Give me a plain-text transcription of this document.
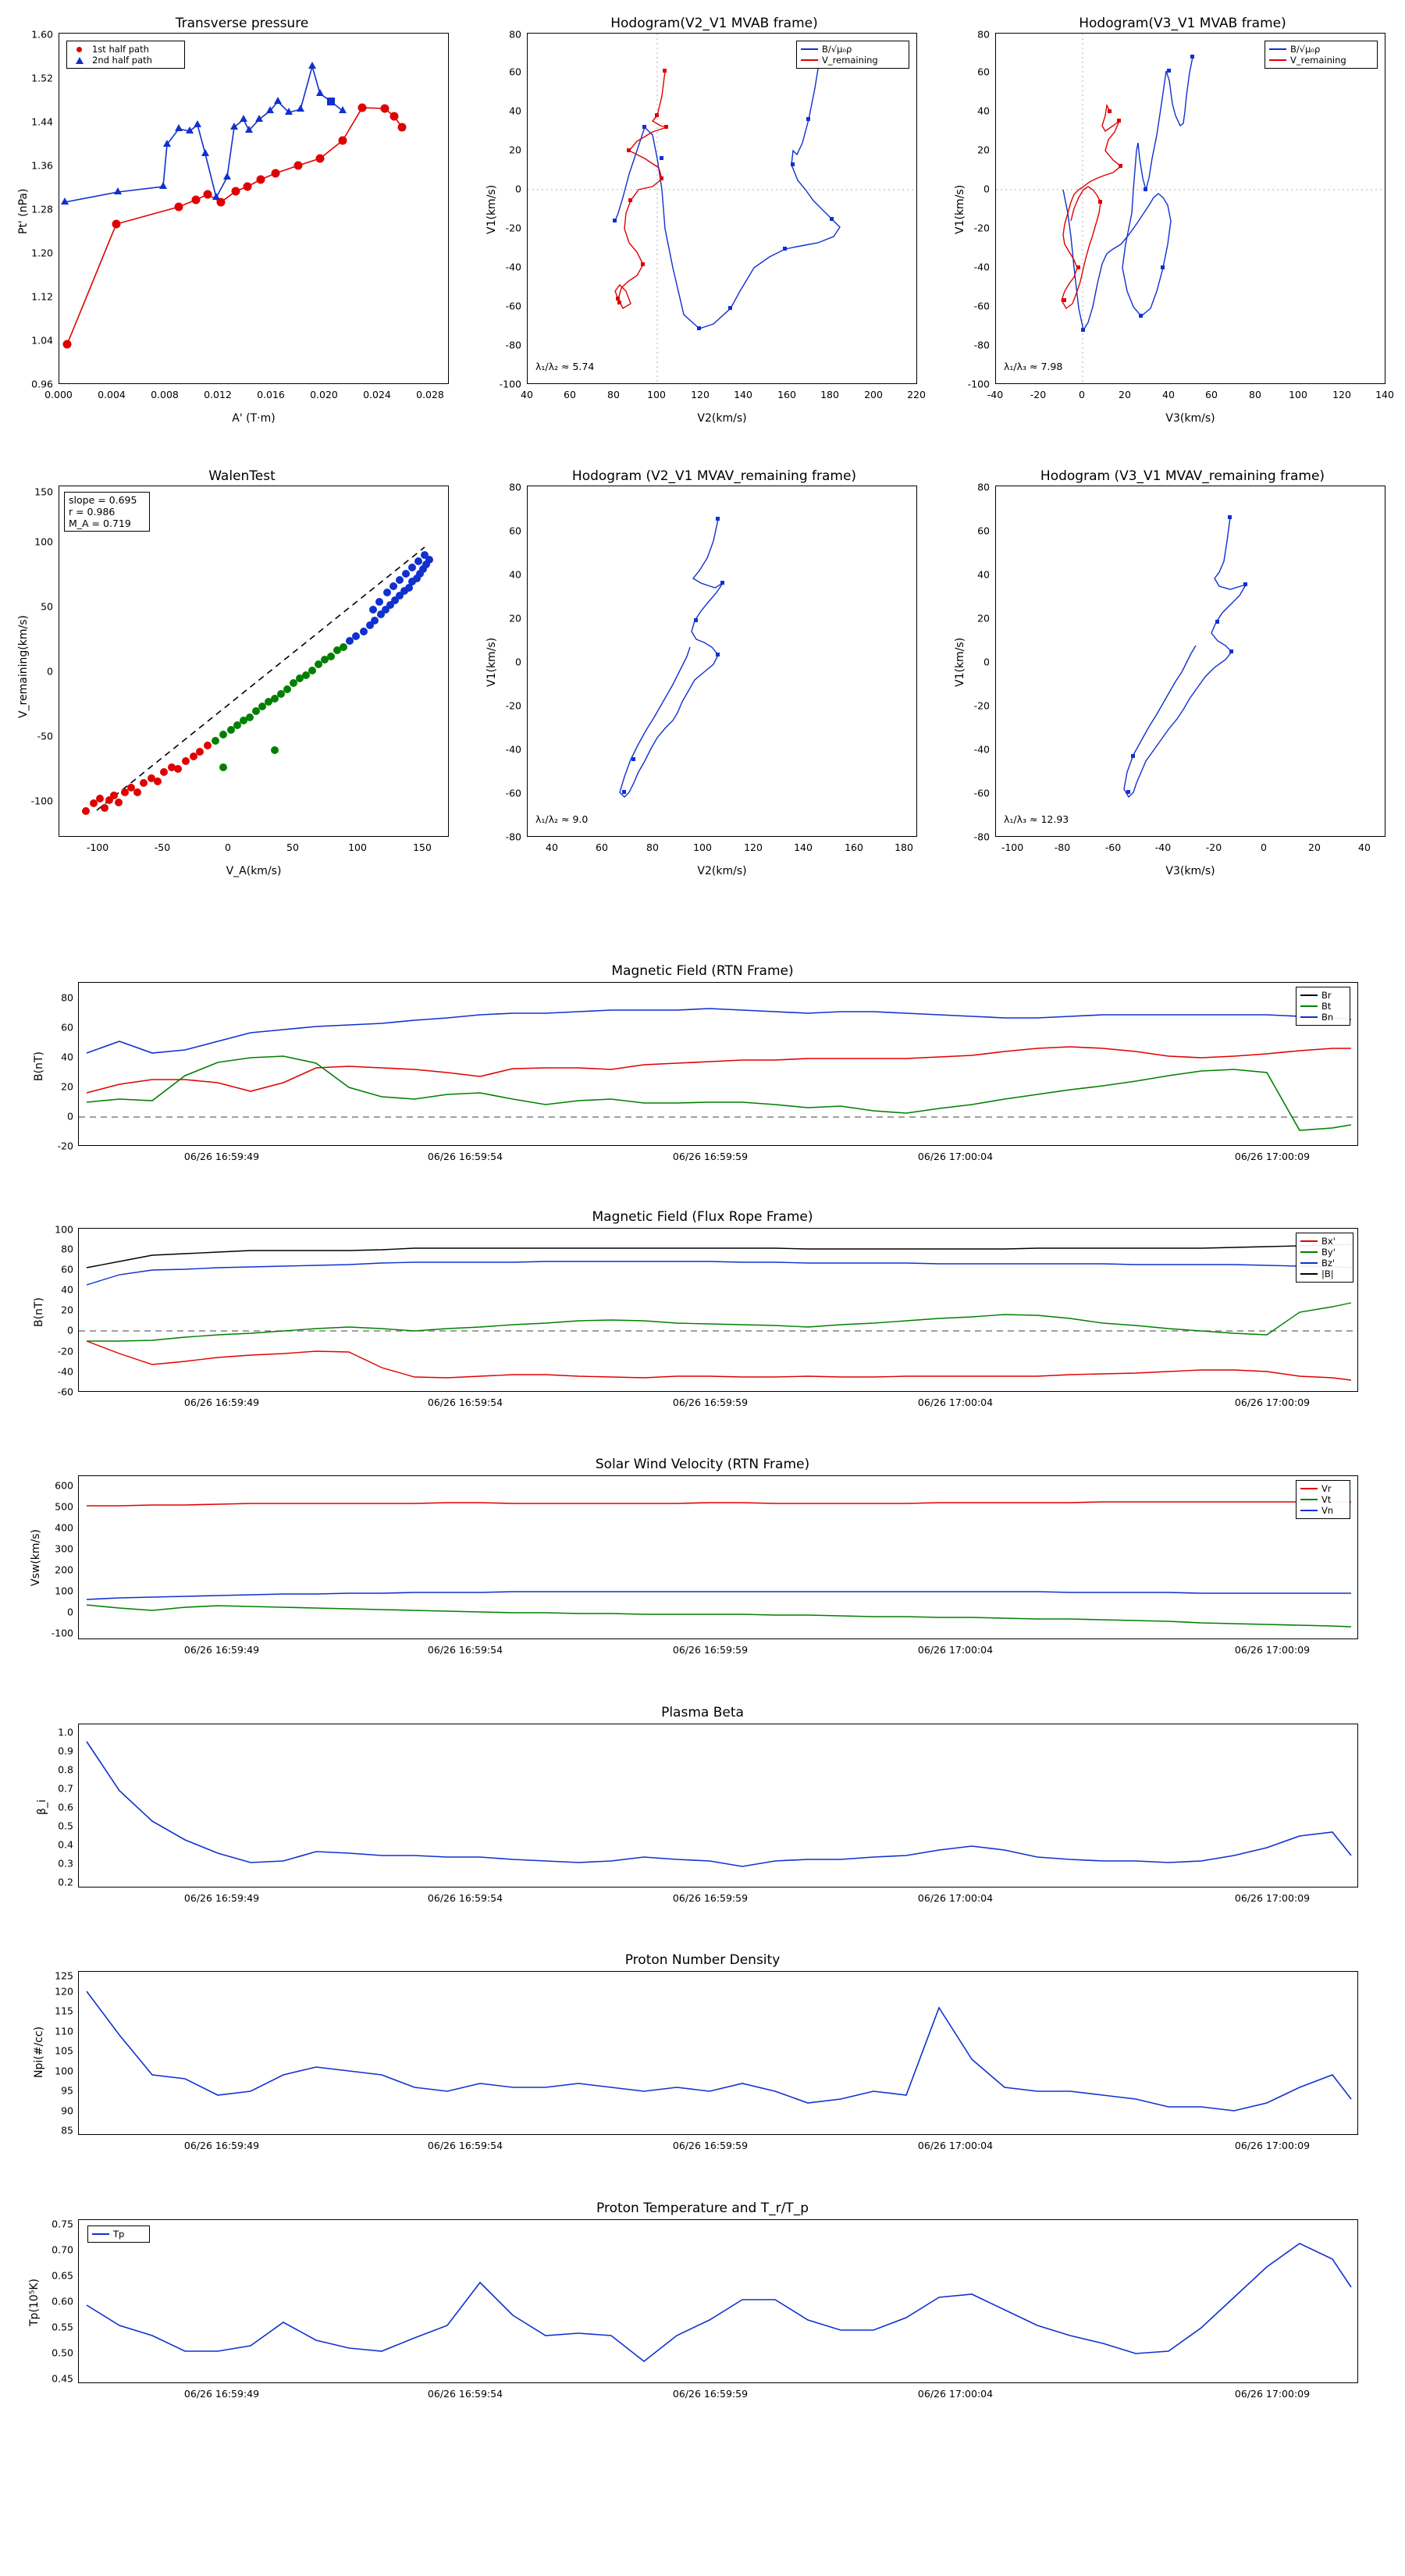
Transverse pressure
1st half path
2nd half path
Pt' (nPa)
A' (T·m)
0.96
1.04
1.12
1.20
1.28
1.36
1.44
1.52
1.60
0.000	0.004	0.008	0.012	0.016	0.020	0.024	0.028
Hodogram(V2_V1 MVAB frame)
B/√μ₀ρ
V_remaining
λ₁/λ₂ ≈ 5.74
V1(km/s)
V2(km/s)
-100
-80
-60
-40
-20
0
20
40
60
80
40	60	80	100	120 140	160 180	200 220
Hodogram(V3_V1 MVAB frame)
B/√μ₀ρ
V_remaining
λ₁/λ₃ ≈ 7.98
V1(km/s)
V3(km/s)
-100
-80
-60
-40
-20
0
20
40
60
80
-40	-20	0	20	40	60	80	100	120 140
WalenTest
slope = 0.695
r = 0.986
M_A = 0.719
V_remaining(km/s)
V_A(km/s)
-100
-50
0
50
100
150
-100	-50	0	50	100	150
Hodogram (V2_V1 MVAV_remaining frame)
λ₁/λ₂ ≈ 9.0
V1(km/s)
V2(km/s)
-80
-60
-40
-20
0
20
40
60
80
40	60	80	100	120	140	160	180
Hodogram (V3_V1 MVAV_remaining frame)
λ₁/λ₃ ≈ 12.93
V1(km/s)
V3(km/s)
-80
-60
-40
-20
0
20
40
60
80
-100	-80	-60	-40	-20	0	20	40
Magnetic Field (RTN Frame)
Br
Bt
Bn
B(nT)
-20
0
20
40
60
80
06/26 16:59:49	06/26 16:59:54	06/26 16:59:59	06/26 17:00:04	06/26 17:00:09
Magnetic Field (Flux Rope Frame)
Bx'
By'
Bz'
|B|
B(nT)
-60
-40
-20
0
20
40
60
80
100
06/26 16:59:49	06/26 16:59:54	06/26 16:59:59	06/26 17:00:04	06/26 17:00:09
Solar Wind Velocity (RTN Frame)
Vr
Vt
Vn
Vsw(km/s)
-100
0
100
200
300
400
500
600
06/26 16:59:49	06/26 16:59:54	06/26 16:59:59	06/26 17:00:04	06/26 17:00:09
Plasma Beta
β_i
0.2
0.3
0.4
0.5
0.6
0.7
0.8
0.9
1.0
06/26 16:59:49	06/26 16:59:54	06/26 16:59:59	06/26 17:00:04	06/26 17:00:09
Proton Number Density
Npi(#/cc)
85
90
95
100
105
110
115
120
125
06/26 16:59:49	06/26 16:59:54	06/26 16:59:59	06/26 17:00:04	06/26 17:00:09
Proton Temperature and T_r/T_p
Tp
Tp(10⁵K)
0.45
0.50
0.55
0.60
0.65
0.70
0.75
06/26 16:59:49	06/26 16:59:54	06/26 16:59:59	06/26 17:00:04	06/26 17:00:09
